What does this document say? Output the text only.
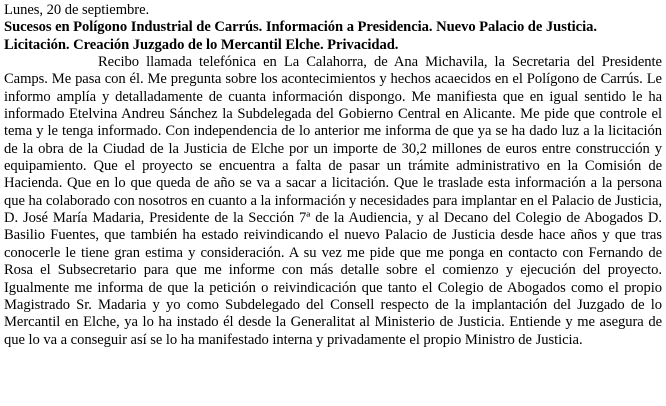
Lunes, 20 de septiembre.

Sucesos en Polígono Industrial de Carrús. Información a Presidencia. Nuevo Palacio de Justicia. Licitación. Creación Juzgado de lo Mercantil Elche. Privacidad.

Recibo llamada telefónica en La Calahorra, de Ana Michavila, la Secretaria del Presidente Camps. Me pasa con él. Me pregunta sobre los acontecimientos y hechos acaecidos en el Polígono de Carrús. Le informo amplía y detalladamente de cuanta información dispongo. Me manifiesta que en igual sentido le ha informado Etelvina Andreu Sánchez la Subdelegada del Gobierno Central en Alicante. Me pide que controle el tema y le tenga informado. Con independencia de lo anterior me informa de que ya se ha dado luz a la licitación de la obra de la Ciudad de la Justicia de Elche por un importe de 30,2 millones de euros entre construcción y equipamiento. Que el proyecto se encuentra a falta de pasar un trámite administrativo en la Comisión de Hacienda. Que en lo que queda de año se va a sacar a licitación. Que le traslade esta información a la persona que ha colaborado con nosotros en cuanto a la información y necesidades para implantar en el Palacio de Justicia, D. José María Madaria, Presidente de la Sección 7ª de la Audiencia, y al Decano del Colegio de Abogados D. Basilio Fuentes, que también ha estado reivindicando el nuevo Palacio de Justicia desde hace años y que tras conocerle le tiene gran estima y consideración. A su vez me pide que me ponga en contacto con Fernando de Rosa el Subsecretario para que me informe con más detalle sobre el comienzo y ejecución del proyecto. Igualmente me informa de que la petición o reivindicación que tanto el Colegio de Abogados como el propio Magistrado Sr. Madaria y yo como Subdelegado del Consell respecto de la implantación del Juzgado de lo Mercantil en Elche, ya lo ha instado él desde la Generalitat al Ministerio de Justicia. Entiende y me asegura de que lo va a conseguir así se lo ha manifestado interna y privadamente el propio Ministro de Justicia.
